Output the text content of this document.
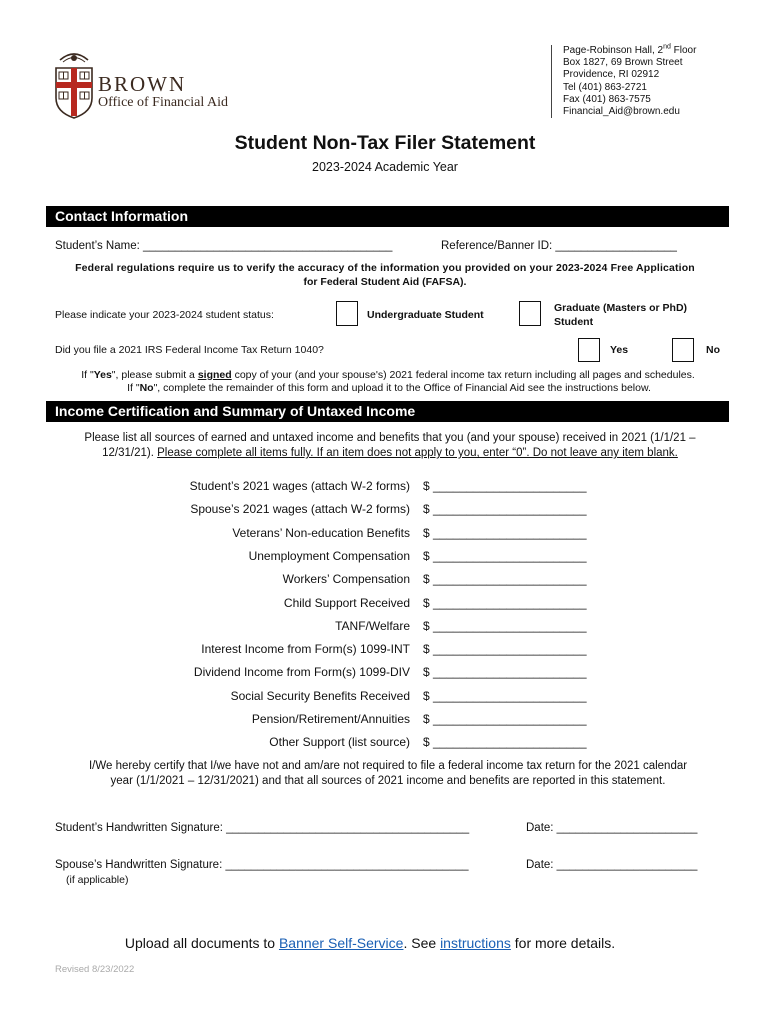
BROWN
Office of Financial Aid
Page-Robinson Hall, 2nd Floor
Box 1827, 69 Brown Street
Providence, RI 02912
Tel (401) 863-2721
Fax (401) 863-7575
Financial_Aid@brown.edu
Student Non-Tax Filer Statement
2023-2024 Academic Year
Contact Information
Student’s Name: _______________________________________	Reference/Banner ID: ___________________
Federal regulations require us to verify the accuracy of the information you provided on your 2023-2024 Free Application
for Federal Student Aid (FAFSA).
Please indicate your 2023-2024 student status:	Undergraduate Student
Graduate (Masters or PhD)
Student
Did you file a 2021 IRS Federal Income Tax Return 1040?	Yes	No
If "Yes", please submit a signed copy of your (and your spouse's) 2021 federal income tax return including all pages and schedules.
If "No", complete the remainder of this form and upload it to the Office of Financial Aid see the instructions below.
Income Certification and Summary of Untaxed Income
Please list all sources of earned and untaxed income and benefits that you (and your spouse) received in 2021 (1/1/21 –
12/31/21). Please complete all items fully. If an item does not apply to you, enter “0”. Do not leave any item blank.
Student’s 2021 wages (attach W-2 forms) $ _______________________
Spouse’s 2021 wages (attach W-2 forms) $ _______________________
Veterans’ Non-education Benefits $ _______________________
Unemployment Compensation $ _______________________
Workers’ Compensation $ _______________________
Child Support Received $ _______________________
TANF/Welfare $ _______________________
Interest Income from Form(s) 1099-INT $ _______________________
Dividend Income from Form(s) 1099-DIV $ _______________________
Social Security Benefits Received $ _______________________
Pension/Retirement/Annuities $ _______________________
Other Support (list source) $ _______________________
I/We hereby certify that I/we have not and am/are not required to file a federal income tax return for the 2021 calendar
year (1/1/2021 – 12/31/2021) and that all sources of 2021 income and benefits are reported in this statement.
Student’s Handwritten Signature: ______________________________________	Date: ______________________
Spouse’s Handwritten Signature: ______________________________________	Date: ______________________
(if applicable)
Upload all documents to Banner Self-Service. See instructions for more details.
Revised 8/23/2022
